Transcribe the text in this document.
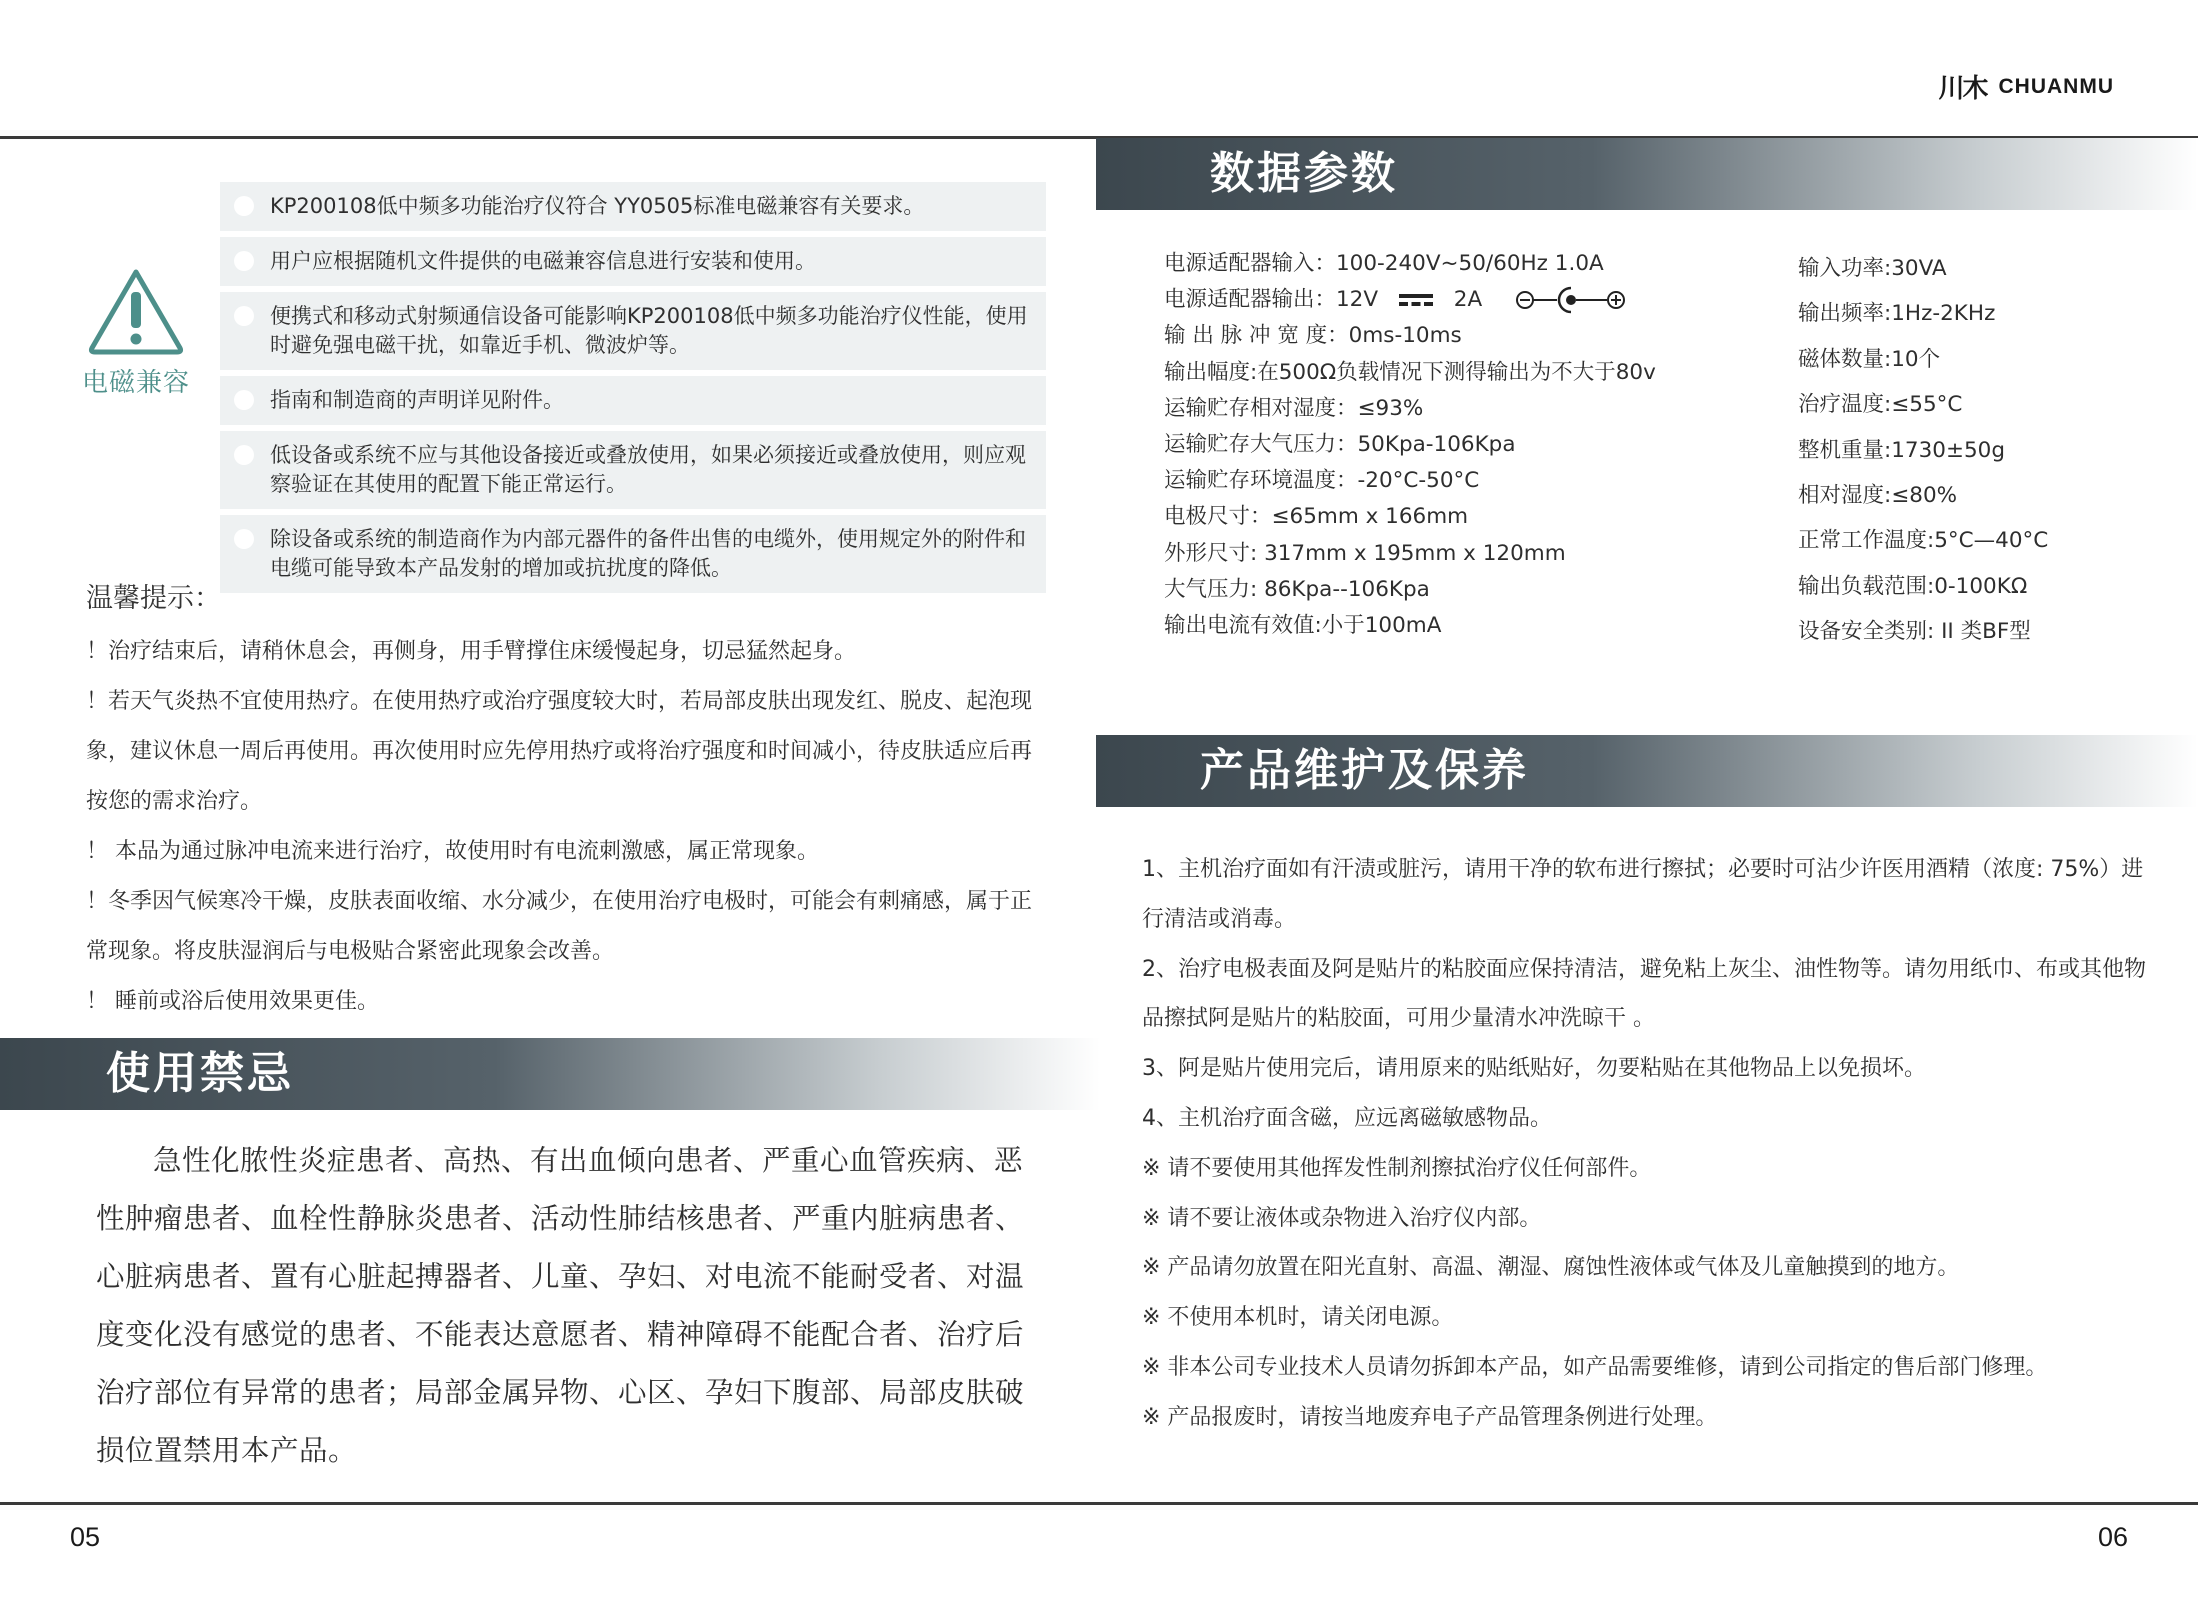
川木 CHUANMU
电磁兼容
KP200108低中频多功能治疗仪符合 YY0505标准电磁兼容有关要求。
用户应根据随机文件提供的电磁兼容信息进行安装和使用。
便携式和移动式射频通信设备可能影响KP200108低中频多功能治疗仪性能，使用时避免强电磁干扰，如靠近手机、微波炉等。
指南和制造商的声明详见附件。
低设备或系统不应与其他设备接近或叠放使用，如果必须接近或叠放使用，则应观察验证在其使用的配置下能正常运行。
除设备或系统的制造商作为内部元器件的备件出售的电缆外，使用规定外的附件和电缆可能导致本产品发射的增加或抗扰度的降低。
温馨提示：

！治疗结束后，请稍休息会，再侧身，用手臂撑住床缓慢起身，切忌猛然起身。

！若天气炎热不宜使用热疗。在使用热疗或治疗强度较大时，若局部皮肤出现发红、脱皮、起泡现象，建议休息一周后再使用。再次使用时应先停用热疗或将治疗强度和时间减小，待皮肤适应后再按您的需求治疗。

！ 本品为通过脉冲电流来进行治疗，故使用时有电流刺激感，属正常现象。

！冬季因气候寒冷干燥，皮肤表面收缩、水分减少，在使用治疗电极时，可能会有刺痛感，属于正常现象。将皮肤湿润后与电极贴合紧密此现象会改善。

！ 睡前或浴后使用效果更佳。

使用禁忌

急性化脓性炎症患者、高热、有出血倾向患者、严重心血管疾病、恶性肿瘤患者、血栓性静脉炎患者、活动性肺结核患者、严重内脏病患者、心脏病患者、置有心脏起搏器者、儿童、孕妇、对电流不能耐受者、对温度变化没有感觉的患者、不能表达意愿者、精神障碍不能配合者、治疗后治疗部位有异常的患者；局部金属异物、心区、孕妇下腹部、局部皮肤破损位置禁用本产品。

数据参数
电源适配器输入：100-240V~50/60Hz 1.0A
电源适配器输出：12V	2A
输 出 脉 冲 宽 度：0ms-10ms
输出幅度:在500Ω负载情况下测得输出为不大于80v
运输贮存相对湿度：≤93%
运输贮存大气压力：50Kpa-106Kpa
运输贮存环境温度：-20°C-50°C
电极尺寸：≤65mm x 166mm
外形尺寸: 317mm x 195mm x 120mm
大气压力: 86Kpa--106Kpa
输出电流有效值:小于100mA
输入功率:30VA
输出频率:1Hz-2KHz
磁体数量:10个
治疗温度:≤55°C
整机重量:1730±50g
相对湿度:≤80%
正常工作温度:5°C—40°C
输出负载范围:0-100KΩ
设备安全类别: II 类BF型
产品维护及保养
1、主机治疗面如有汗渍或脏污，请用干净的软布进行擦拭；必要时可沾少许医用酒精（浓度: 75%）进行清洁或消毒。
2、治疗电极表面及阿是贴片的粘胶面应保持清洁，避免粘上灰尘、油性物等。请勿用纸巾、布或其他物品擦拭阿是贴片的粘胶面，可用少量清水冲洗晾干 。
3、阿是贴片使用完后，请用原来的贴纸贴好，勿要粘贴在其他物品上以免损坏。
4、主机治疗面含磁，应远离磁敏感物品。
※ 请不要使用其他挥发性制剂擦拭治疗仪任何部件。
※ 请不要让液体或杂物进入治疗仪内部。
※ 产品请勿放置在阳光直射、高温、潮湿、腐蚀性液体或气体及儿童触摸到的地方。
※ 不使用本机时，请关闭电源。
※ 非本公司专业技术人员请勿拆卸本产品，如产品需要维修，请到公司指定的售后部门修理。
※ 产品报废时，请按当地废弃电子产品管理条例进行处理。
05	06
